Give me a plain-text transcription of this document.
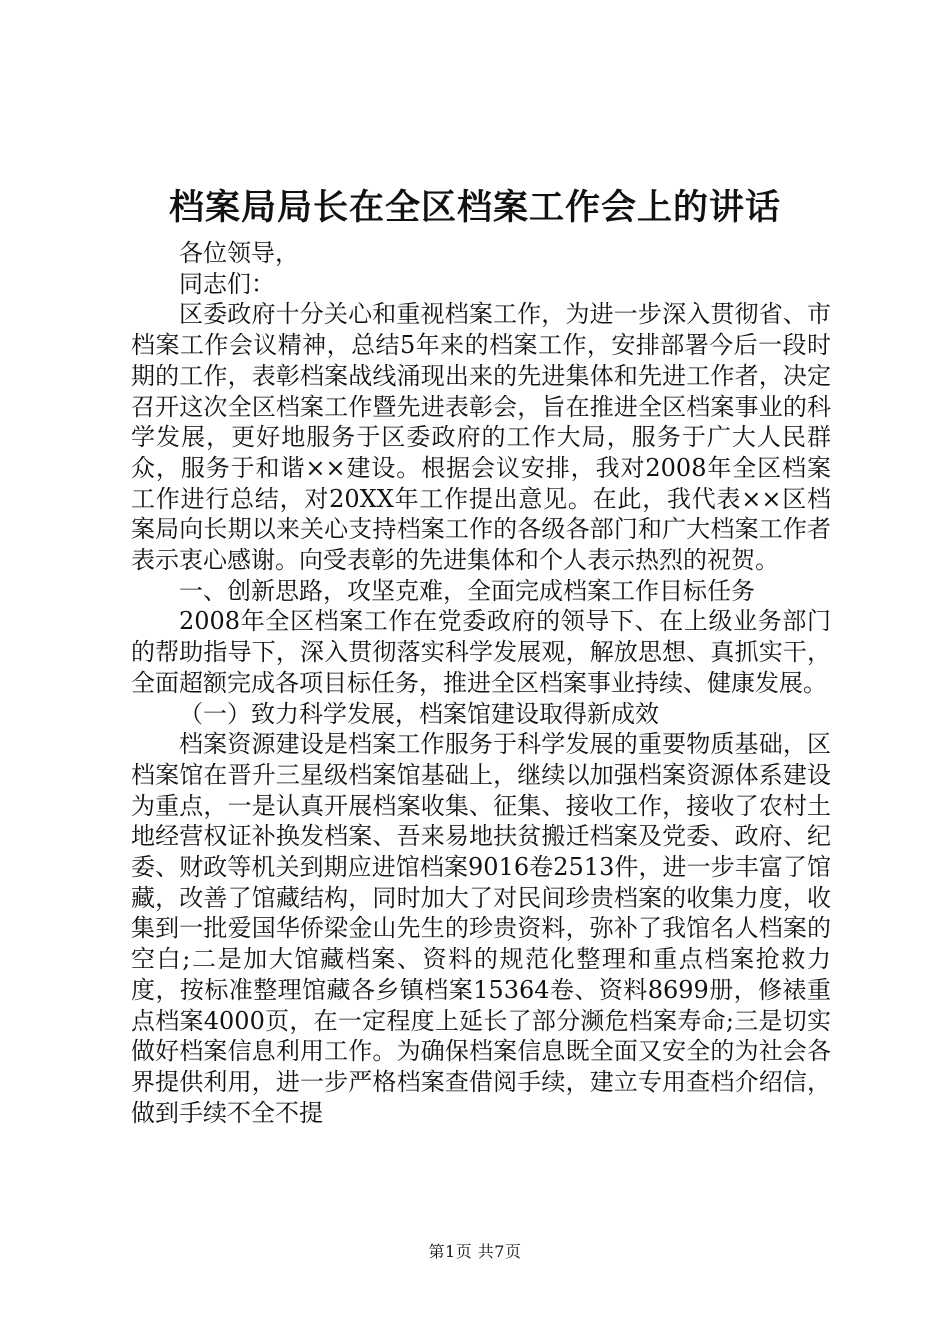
档案局局长在全区档案工作会上的讲话

各位领导，

同志们：

区委政府十分关心和重视档案工作，为进一步深入贯彻省、市档案工作会议精神，总结5年来的档案工作，安排部署今后一段时期的工作，表彰档案战线涌现出来的先进集体和先进工作者，决定召开这次全区档案工作暨先进表彰会，旨在推进全区档案事业的科学发展，更好地服务于区委政府的工作大局，服务于广大人民群众，服务于和谐××建设。根据会议安排，我对2008年全区档案工作进行总结，对20XX年工作提出意见。在此，我代表××区档案局向长期以来关心支持档案工作的各级各部门和广大档案工作者表示衷心感谢。向受表彰的先进集体和个人表示热烈的祝贺。

一、创新思路，攻坚克难，全面完成档案工作目标任务

2008年全区档案工作在党委政府的领导下、在上级业务部门的帮助指导下，深入贯彻落实科学发展观，解放思想、真抓实干，全面超额完成各项目标任务，推进全区档案事业持续、健康发展。

（一）致力科学发展，档案馆建设取得新成效

档案资源建设是档案工作服务于科学发展的重要物质基础，区档案馆在晋升三星级档案馆基础上，继续以加强档案资源体系建设为重点，一是认真开展档案收集、征集、接收工作，接收了农村土地经营权证补换发档案、吾来易地扶贫搬迁档案及党委、政府、纪委、财政等机关到期应进馆档案9016卷2513件，进一步丰富了馆藏，改善了馆藏结构，同时加大了对民间珍贵档案的收集力度，收集到一批爱国华侨梁金山先生的珍贵资料，弥补了我馆名人档案的空白;二是加大馆藏档案、资料的规范化整理和重点档案抢救力度，按标准整理馆藏各乡镇档案15364卷、资料8699册，修裱重点档案4000页，在一定程度上延长了部分濒危档案寿命;三是切实做好档案信息利用工作。为确保档案信息既全面又安全的为社会各界提供利用，进一步严格档案查借阅手续，建立专用查档介绍信，做到手续不全不提

第1页 共7页
